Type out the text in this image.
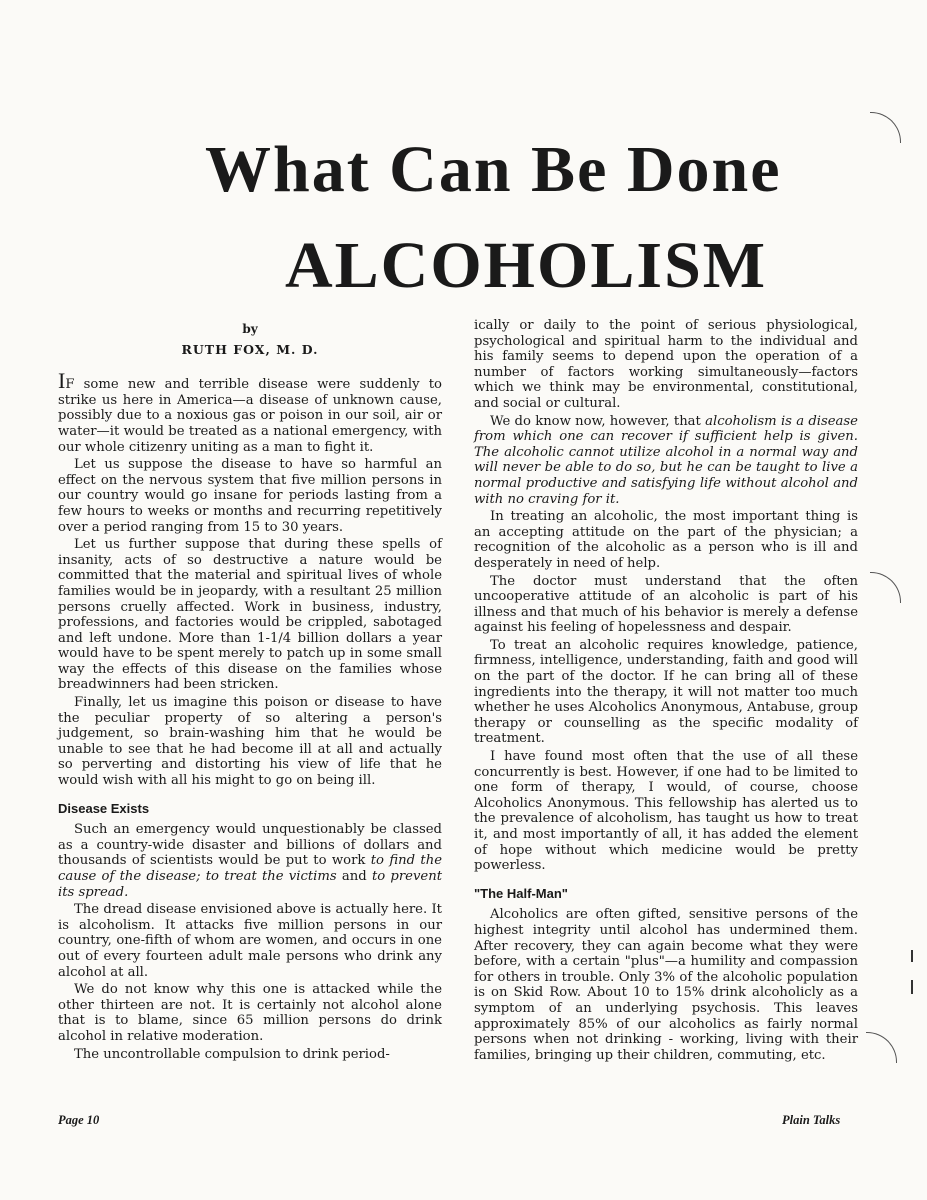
What Can Be Done
ALCOHOLISM
by
RUTH FOX, M. D.

IF some new and terrible disease were suddenly to strike us here in America—a disease of unknown cause, possibly due to a noxious gas or poison in our soil, air or water—it would be treated as a national emergency, with our whole citizenry uniting as a man to fight it.

Let us suppose the disease to have so harmful an effect on the nervous system that five million persons in our country would go insane for periods lasting from a few hours to weeks or months and recurring repetitively over a period ranging from 15 to 30 years.

Let us further suppose that during these spells of insanity, acts of so destructive a nature would be committed that the material and spiritual lives of whole families would be in jeopardy, with a resultant 25 million persons cruelly affected. Work in business, industry, professions, and factories would be crippled, sabotaged and left undone. More than 1-1/4 billion dollars a year would have to be spent merely to patch up in some small way the effects of this disease on the families whose breadwinners had been stricken.

Finally, let us imagine this poison or disease to have the peculiar property of so altering a person's judgement, so brain-washing him that he would be unable to see that he had become ill at all and actually so perverting and distorting his view of life that he would wish with all his might to go on being ill.

Disease Exists

Such an emergency would unquestionably be classed as a country-wide disaster and billions of dollars and thousands of scientists would be put to work to find the cause of the disease; to treat the victims and to prevent its spread.

The dread disease envisioned above is actually here. It is alcoholism. It attacks five million persons in our country, one-fifth of whom are women, and occurs in one out of every fourteen adult male persons who drink any alcohol at all.

We do not know why this one is attacked while the other thirteen are not. It is certainly not alcohol alone that is to blame, since 65 million persons do drink alcohol in relative moderation.

The uncontrollable compulsion to drink period-

ically or daily to the point of serious physiological, psychological and spiritual harm to the individual and his family seems to depend upon the operation of a number of factors working simultaneously—factors which we think may be environmental, constitutional, and social or cultural.

We do know now, however, that alcoholism is a disease from which one can recover if sufficient help is given. The alcoholic cannot utilize alcohol in a normal way and will never be able to do so, but he can be taught to live a normal productive and satisfying life without alcohol and with no craving for it.

In treating an alcoholic, the most important thing is an accepting attitude on the part of the physician; a recognition of the alcoholic as a person who is ill and desperately in need of help.

The doctor must understand that the often uncooperative attitude of an alcoholic is part of his illness and that much of his behavior is merely a defense against his feeling of hopelessness and despair.

To treat an alcoholic requires knowledge, patience, firmness, intelligence, understanding, faith and good will on the part of the doctor. If he can bring all of these ingredients into the therapy, it will not matter too much whether he uses Alcoholics Anonymous, Antabuse, group therapy or counselling as the specific modality of treatment.

I have found most often that the use of all these concurrently is best. However, if one had to be limited to one form of therapy, I would, of course, choose Alcoholics Anonymous. This fellowship has alerted us to the prevalence of alcoholism, has taught us how to treat it, and most importantly of all, it has added the element of hope without which medicine would be pretty powerless.

"The Half-Man"

Alcoholics are often gifted, sensitive persons of the highest integrity until alcohol has undermined them. After recovery, they can again become what they were before, with a certain "plus"—a humility and compassion for others in trouble. Only 3% of the alcoholic population is on Skid Row. About 10 to 15% drink alcoholicly as a symptom of an underlying psychosis. This leaves approximately 85% of our alcoholics as fairly normal persons when not drinking - working, living with their families, bringing up their children, commuting, etc.

Page 10	Plain Talks
